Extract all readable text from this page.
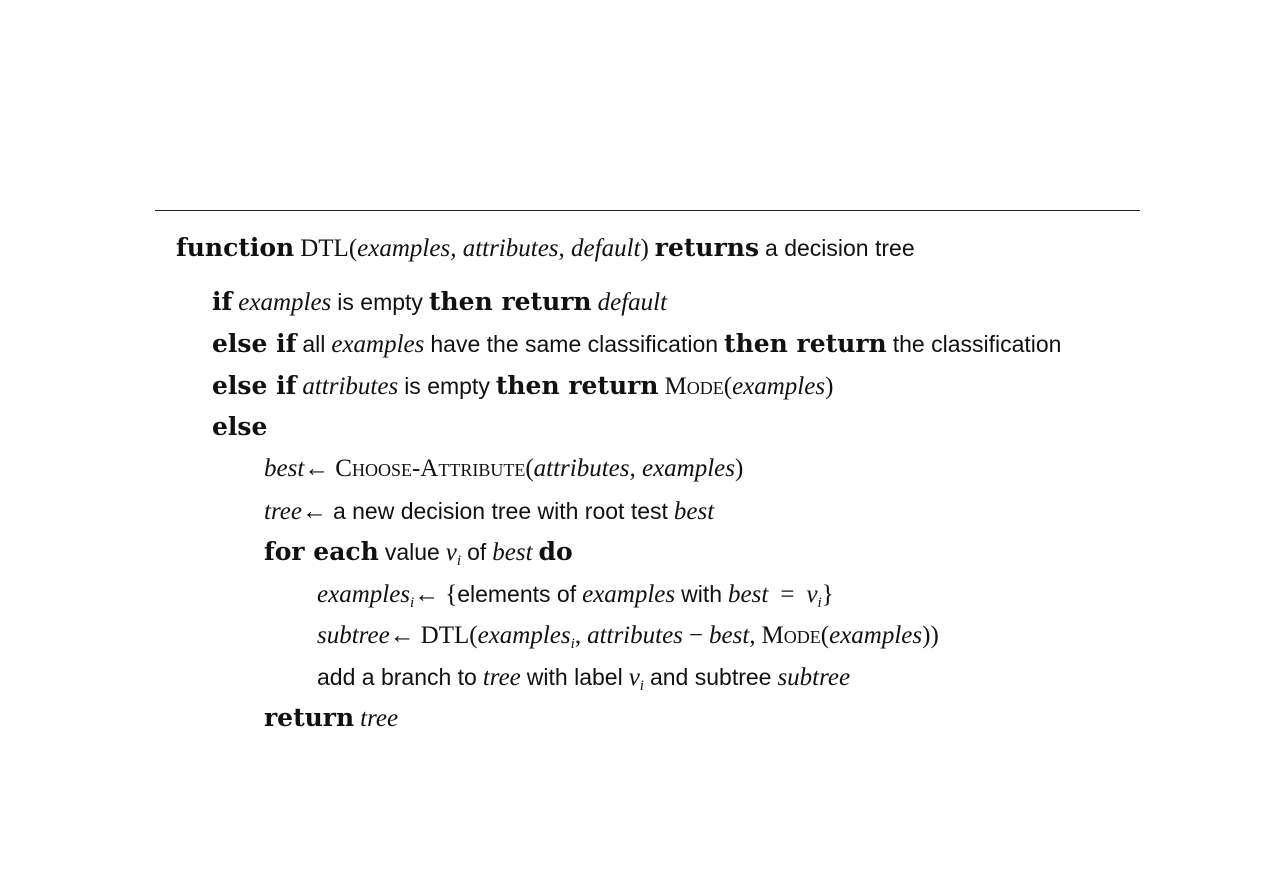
function DTL(examples, attributes, default) returns a decision tree
if examples is empty then return default
else if all examples have the same classification then return the classification
else if attributes is empty then return Mode(examples)
else
best← Choose-Attribute(attributes, examples)
tree← a new decision tree with root test best
for each value $v_i$ of best do
examples$_i$← {elements of examples with best = $v_i$}
subtree← DTL(examples$_i$, attributes − best, Mode(examples))
add a branch to tree with label $v_i$ and subtree subtree
return tree
